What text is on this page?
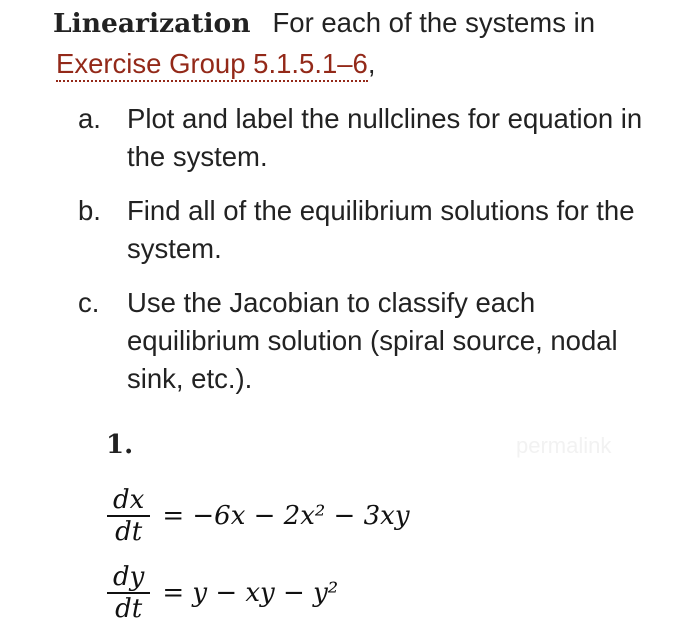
Linearization For each of the systems in
Exercise Group 5.1.5.1–6,
a. Plot and label the nullclines for equation in the system.
b. Find all of the equilibrium solutions for the system.
c. Use the Jacobian to classify each equilibrium solution (spiral source, nodal sink, etc.).
1.	permalink
$\frac{dx}{dt} = -6x - 2x^2 - 3xy$
$\frac{dy}{dt} = y$ − xy − y²
